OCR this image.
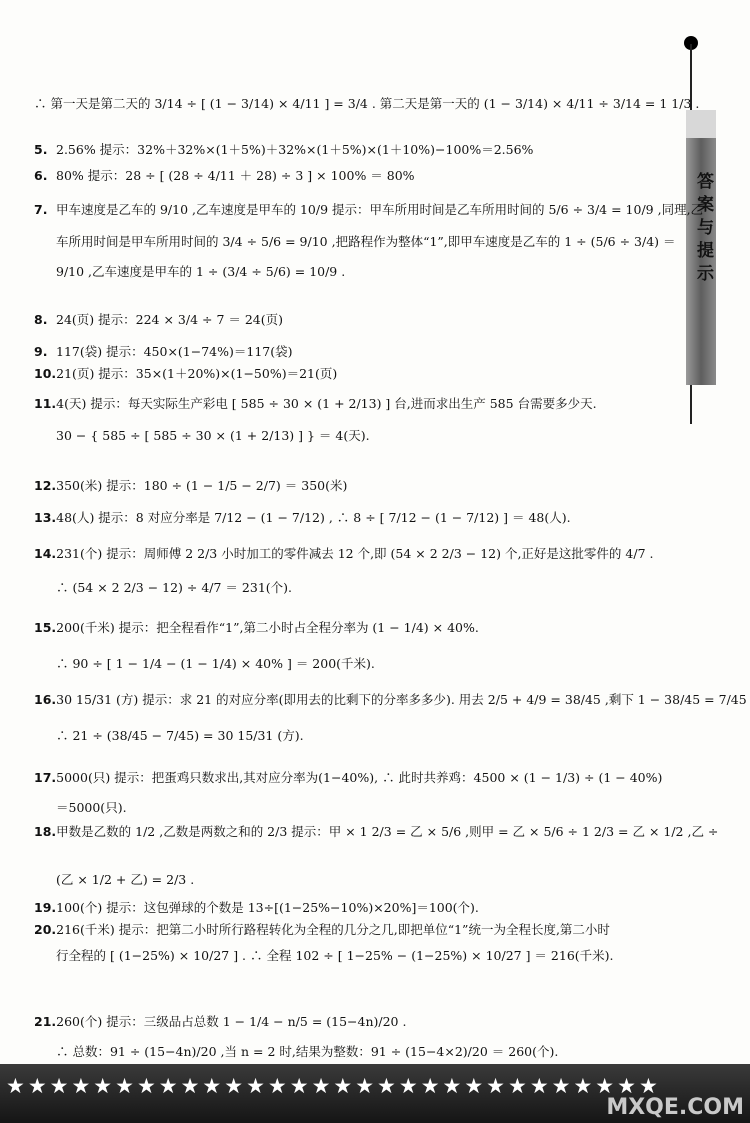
答案与提示
∴ 第一天是第二天的 3/14 ÷ [ (1 − 3/14) × 4/11 ] = 3/4 . 第二天是第一天的 (1 − 3/14) × 4/11 ÷ 3/14 = 1 1/3 .
5. 2.56% 提示：32%＋32%×(1＋5%)＋32%×(1＋5%)×(1＋10%)−100%＝2.56%
6. 80% 提示：28 ÷ [ (28 ÷ 4/11 ＋ 28) ÷ 3 ] × 100% ＝ 80%
7. 甲车速度是乙车的 9/10 ,乙车速度是甲车的 10/9 提示：甲车所用时间是乙车所用时间的 5/6 ÷ 3/4 = 10/9 ,同理,乙
车所用时间是甲车所用时间的 3/4 ÷ 5/6 = 9/10 ,把路程作为整体“1”,即甲车速度是乙车的 1 ÷ (5/6 ÷ 3/4) ＝
9/10 ,乙车速度是甲车的 1 ÷ (3/4 ÷ 5/6) = 10/9 .
8. 24(页) 提示：224 × 3/4 ÷ 7 ＝ 24(页)
9. 117(袋) 提示：450×(1−74%)＝117(袋)
10.21(页) 提示：35×(1＋20%)×(1−50%)＝21(页)
11.4(天) 提示：每天实际生产彩电 [ 585 ÷ 30 × (1 + 2/13) ] 台,进而求出生产 585 台需要多少天.
30 − { 585 ÷ [ 585 ÷ 30 × (1 + 2/13) ] } ＝ 4(天).
12.350(米) 提示：180 ÷ (1 − 1/5 − 2/7) ＝ 350(米)
13.48(人) 提示：8 对应分率是 7/12 − (1 − 7/12) , ∴ 8 ÷ [ 7/12 − (1 − 7/12) ] ＝ 48(人).
14.231(个) 提示：周师傅 2 2/3 小时加工的零件减去 12 个,即 (54 × 2 2/3 − 12) 个,正好是这批零件的 4/7 .
∴ (54 × 2 2/3 − 12) ÷ 4/7 ＝ 231(个).
15.200(千米) 提示：把全程看作“1”,第二小时占全程分率为 (1 − 1/4) × 40%.
∴ 90 ÷ [ 1 − 1/4 − (1 − 1/4) × 40% ] ＝ 200(千米).
16.30 15/31 (方) 提示：求 21 的对应分率(即用去的比剩下的分率多多少). 用去 2/5 + 4/9 = 38/45 ,剩下 1 − 38/45 = 7/45
∴ 21 ÷ (38/45 − 7/45) = 30 15/31 (方).
17.5000(只) 提示：把蛋鸡只数求出,其对应分率为(1−40%), ∴ 此时共养鸡：4500 × (1 − 1/3) ÷ (1 − 40%)
＝5000(只).
18.甲数是乙数的 1/2 ,乙数是两数之和的 2/3 提示：甲 × 1 2/3 = 乙 × 5/6 ,则甲 = 乙 × 5/6 ÷ 1 2/3 = 乙 × 1/2 ,乙 ÷
(乙 × 1/2 + 乙) = 2/3 .
19.100(个) 提示：这包弹球的个数是 13÷[(1−25%−10%)×20%]＝100(个).
20.216(千米) 提示：把第二小时所行路程转化为全程的几分之几,即把单位“1”统一为全程长度,第二小时
行全程的 [ (1−25%) × 10/27 ] . ∴ 全程 102 ÷ [ 1−25% − (1−25%) × 10/27 ] ＝ 216(千米).
21.260(个) 提示：三级品占总数 1 − 1/4 − n/5 = (15−4n)/20 .
∴ 总数：91 ÷ (15−4n)/20 ,当 n = 2 时,结果为整数：91 ÷ (15−4×2)/20 ＝ 260(个).
★★★★★★★★★★★★★★★★★★★★★★★★★★★★★★
MXQE.COM
